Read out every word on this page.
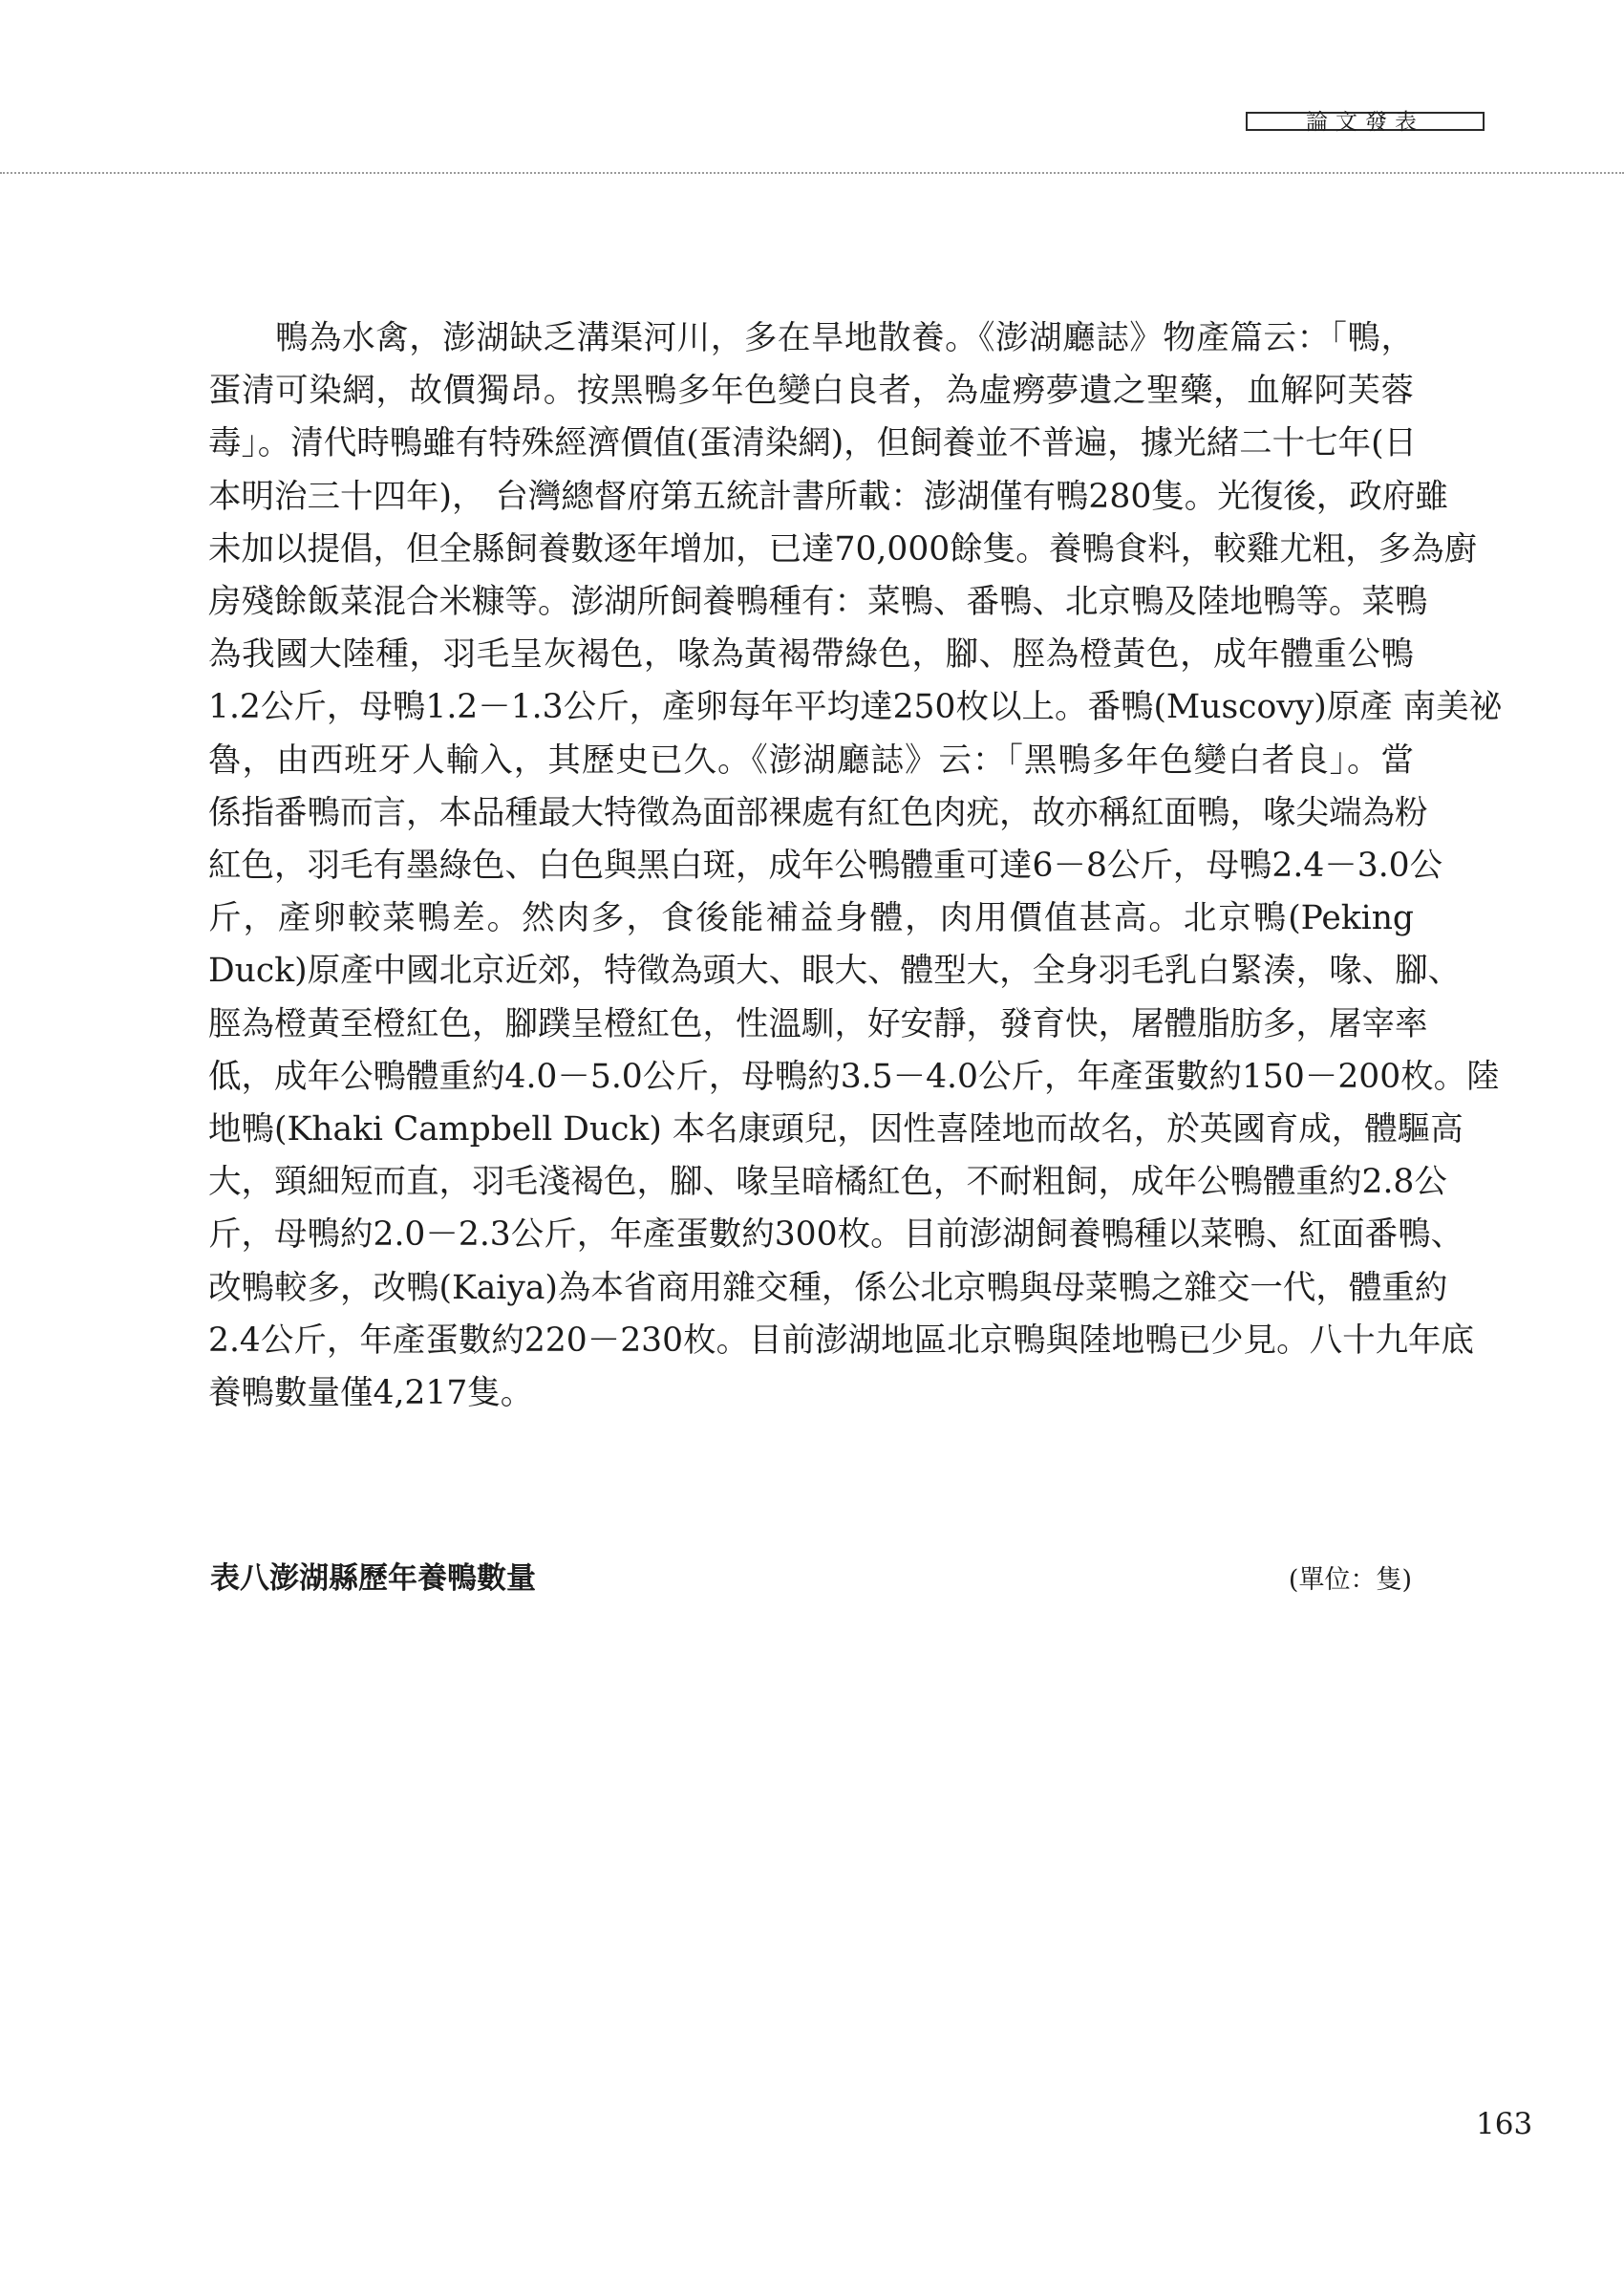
論文發表

鴨為水禽，澎湖缺乏溝渠河川，多在旱地散養。《澎湖廳誌》物產篇云：「鴨，
蛋清可染網，故價獨昂。按黑鴨多年色變白良者，為虛癆夢遺之聖藥，血解阿芙蓉
毒」。清代時鴨雖有特殊經濟價值(蛋清染網)，但飼養並不普遍，據光緒二十七年(日
本明治三十四年)， 台灣總督府第五統計書所載：澎湖僅有鴨280隻。光復後，政府雖
未加以提倡，但全縣飼養數逐年增加，已達70,000餘隻。養鴨食料，較雞尤粗，多為廚
房殘餘飯菜混合米糠等。澎湖所飼養鴨種有：菜鴨、番鴨、北京鴨及陸地鴨等。菜鴨
為我國大陸種，羽毛呈灰褐色，喙為黃褐帶綠色，腳、脛為橙黃色，成年體重公鴨
1.2公斤，母鴨1.2－1.3公斤，產卵每年平均達250枚以上。番鴨(Muscovy)原產 南美祕
魯，由西班牙人輸入，其歷史已久。《澎湖廳誌》云：「黑鴨多年色變白者良」。當
係指番鴨而言，本品種最大特徵為面部裸處有紅色肉疣，故亦稱紅面鴨，喙尖端為粉
紅色，羽毛有墨綠色、白色與黑白斑，成年公鴨體重可達6－8公斤，母鴨2.4－3.0公
斤，產卵較菜鴨差。然肉多，食後能補益身體，肉用價值甚高。北京鴨(Peking
Duck)原產中國北京近郊，特徵為頭大、眼大、體型大，全身羽毛乳白緊湊，喙、腳、
脛為橙黃至橙紅色，腳蹼呈橙紅色，性溫馴，好安靜，發育快，屠體脂肪多，屠宰率
低，成年公鴨體重約4.0－5.0公斤，母鴨約3.5－4.0公斤，年產蛋數約150－200枚。陸
地鴨(Khaki Campbell Duck) 本名康頭兒，因性喜陸地而故名，於英國育成，體驅高
大，頸細短而直，羽毛淺褐色，腳、喙呈暗橘紅色，不耐粗飼，成年公鴨體重約2.8公
斤，母鴨約2.0－2.3公斤，年產蛋數約300枚。目前澎湖飼養鴨種以菜鴨、紅面番鴨、
改鴨較多，改鴨(Kaiya)為本省商用雜交種，係公北京鴨與母菜鴨之雜交一代，體重約
2.4公斤，年產蛋數約220－230枚。目前澎湖地區北京鴨與陸地鴨已少見。八十九年底
養鴨數量僅4,217隻。

表八澎湖縣歷年養鴨數量	(單位：隻)
163
